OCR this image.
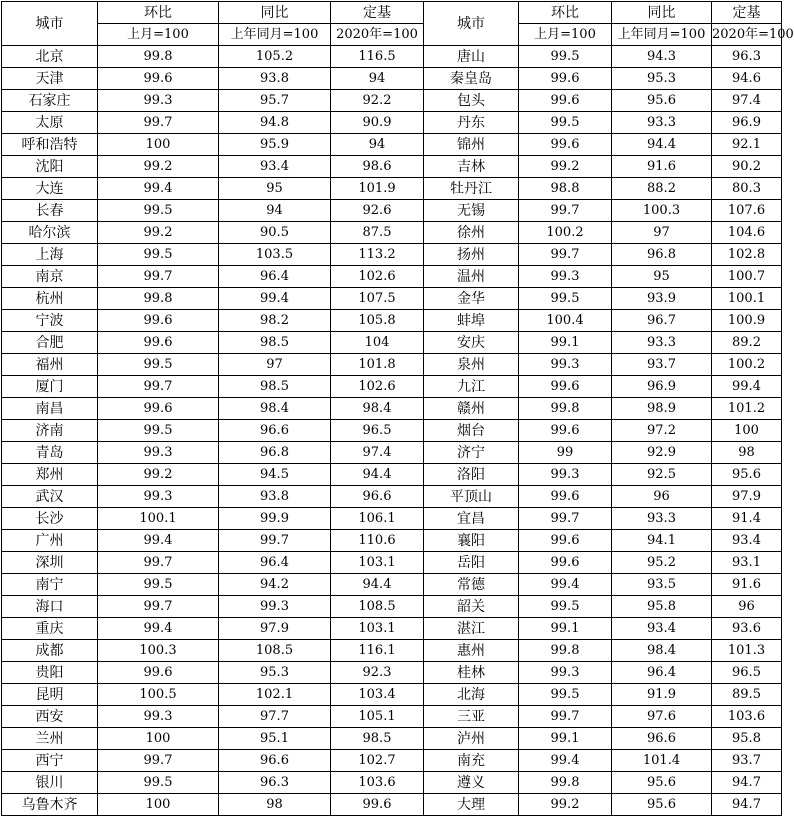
城市	环比	同比	定基	城市	环比	同比	定基
	上月=100	上年同月=100	2020年=100		上月=100	上年同月=100	2020年=100
北京	99.8	105.2	116.5	唐山	99.5	94.3	96.3
天津	99.6	93.8	94	秦皇岛	99.6	95.3	94.6
石家庄	99.3	95.7	92.2	包头	99.6	95.6	97.4
太原	99.7	94.8	90.9	丹东	99.5	93.3	96.9
呼和浩特	100	95.9	94	锦州	99.6	94.4	92.1
沈阳	99.2	93.4	98.6	吉林	99.2	91.6	90.2
大连	99.4	95	101.9	牡丹江	98.8	88.2	80.3
长春	99.5	94	92.6	无锡	99.7	100.3	107.6
哈尔滨	99.2	90.5	87.5	徐州	100.2	97	104.6
上海	99.5	103.5	113.2	扬州	99.7	96.8	102.8
南京	99.7	96.4	102.6	温州	99.3	95	100.7
杭州	99.8	99.4	107.5	金华	99.5	93.9	100.1
宁波	99.6	98.2	105.8	蚌埠	100.4	96.7	100.9
合肥	99.6	98.5	104	安庆	99.1	93.3	89.2
福州	99.5	97	101.8	泉州	99.3	93.7	100.2
厦门	99.7	98.5	102.6	九江	99.6	96.9	99.4
南昌	99.6	98.4	98.4	赣州	99.8	98.9	101.2
济南	99.5	96.6	96.5	烟台	99.6	97.2	100
青岛	99.3	96.8	97.4	济宁	99	92.9	98
郑州	99.2	94.5	94.4	洛阳	99.3	92.5	95.6
武汉	99.3	93.8	96.6	平顶山	99.6	96	97.9
长沙	100.1	99.9	106.1	宜昌	99.7	93.3	91.4
广州	99.4	99.7	110.6	襄阳	99.6	94.1	93.4
深圳	99.7	96.4	103.1	岳阳	99.6	95.2	93.1
南宁	99.5	94.2	94.4	常德	99.4	93.5	91.6
海口	99.7	99.3	108.5	韶关	99.5	95.8	96
重庆	99.4	97.9	103.1	湛江	99.1	93.4	93.6
成都	100.3	108.5	116.1	惠州	99.8	98.4	101.3
贵阳	99.6	95.3	92.3	桂林	99.3	96.4	96.5
昆明	100.5	102.1	103.4	北海	99.5	91.9	89.5
西安	99.3	97.7	105.1	三亚	99.7	97.6	103.6
兰州	100	95.1	98.5	泸州	99.1	96.6	95.8
西宁	99.7	96.6	102.7	南充	99.4	101.4	93.7
银川	99.5	96.3	103.6	遵义	99.8	95.6	94.7
乌鲁木齐	100	98	99.6	大理	99.2	95.6	94.7
